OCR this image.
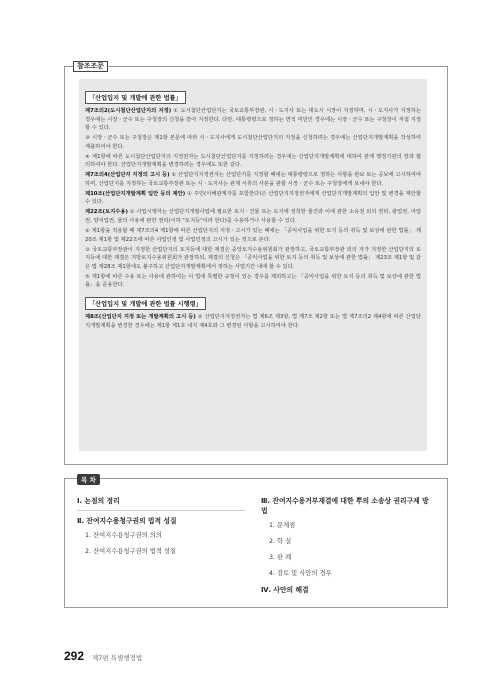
참조조문
「산업입지 및 개발에 관한 법률」

제7조의2(도시첨단산업단지의 지정) ① 도시첨단산업단지는 국토교통부장관, 시ㆍ도지사 또는 대도시 시장이 지정하며, 시ㆍ도지사가 지정하는 경우에는 시장ㆍ군수 또는 구청장의 신청을 받아 지정한다. 다만, 대통령령으로 정하는 면적 미만인 경우에는 시장ㆍ군수 또는 구청장이 직접 지정할 수 있다.

③ 시장ㆍ군수 또는 구청장은 제1항 본문에 따라 시ㆍ도지사에게 도시첨단산업단지의 지정을 신청하려는 경우에는 산업단지개발계획을 작성하여 제출하여야 한다.

④ 제1항에 따른 도시첨단산업단지의 지정권자는 도시첨단산업단지를 지정하려는 경우에는 산업단지개발계획에 대하여 관계 행정기관의 장과 협의하여야 한다. 산업단지개발계획을 변경하려는 경우에도 또한 같다.

제7조의4(산업단지 지정의 고시 등) ① 산업단지지정권자는 산업단지를 지정할 때에는 대통령령으로 정하는 사항을 관보 또는 공보에 고시하여야 하며, 산업단지를 지정하는 국토교통부장관 또는 시ㆍ도지사는 관계 서류의 사본을 관할 시장ㆍ군수 또는 구청장에게 보내야 한다.

제10조(산업단지개발계획 입안 등의 제안) ① 주민(이해관계자를 포함한다)은 산업단지지정권자에게 산업단지개발계획의 입안 및 변경을 제안할 수 있다.

제22조(토지수용) ① 사업시행자는 산업단지개발사업에 필요한 토지ㆍ건물 또는 토지에 정착한 물건과 이에 관한 소유권 외의 권리, 광업권, 어업권, 양식업권, 물의 사용에 관한 권리(이하 "토지등"이라 한다)를 수용하거나 사용할 수 있다.

② 제1항을 적용할 때 제7조의4 제1항에 따른 산업단지의 지정ㆍ고시가 있는 때에는 「공익사업을 위한 토지 등의 취득 및 보상에 관한 법률」 제20조 제1항 및 제22조에 따른 사업인정 및 사업인정의 고시가 있는 것으로 본다.

③ 국토교통부장관이 지정한 산업단지의 토지등에 대한 재결은 중앙토지수용위원회가 관장하고, 국토교통부장관 외의 자가 지정한 산업단지의 토지등에 대한 재결은 지방토지수용위원회가 관장하되, 재결의 신청은 「공익사업을 위한 토지 등의 취득 및 보상에 관한 법률」 제23조 제1항 및 같은 법 제28조 제1항에도 불구하고 산업단지개발계획에서 정하는 사업기간 내에 할 수 있다.

⑤ 제1항에 따른 수용 또는 사용에 관하여는 이 법에 특별한 규정이 있는 경우를 제외하고는 「공익사업을 위한 토지 등의 취득 및 보상에 관한 법률」을 준용한다.

「산업입지 및 개발에 관한 법률 시행령」

제8조(산업단지 지정 또는 개발계획의 고시 등) ② 산업단지지정권자는 법 제6조 제3항, 법 제7조 제2항 또는 법 제7조의2 제4항에 따른 산업단지개발계획을 변경한 경우에는 제1항 제1호 내지 제4호와 그 변경된 사항을 고시하여야 한다.

목 차
Ⅰ. 논점의 정리
Ⅱ. 잔여지수용청구권의 법적 성질
1. 잔여지수용청구권의 의의
2. 잔여지수용청구권의 법적 성질
Ⅲ. 잔여지수용거부재결에 대한 뿌의 소송상 권리구제 방법
1. 문제점
2. 학 설
3. 판 례
4. 검토 및 사안의 경우
Ⅳ. 사안의 해결
292 제7편 특별행정법
